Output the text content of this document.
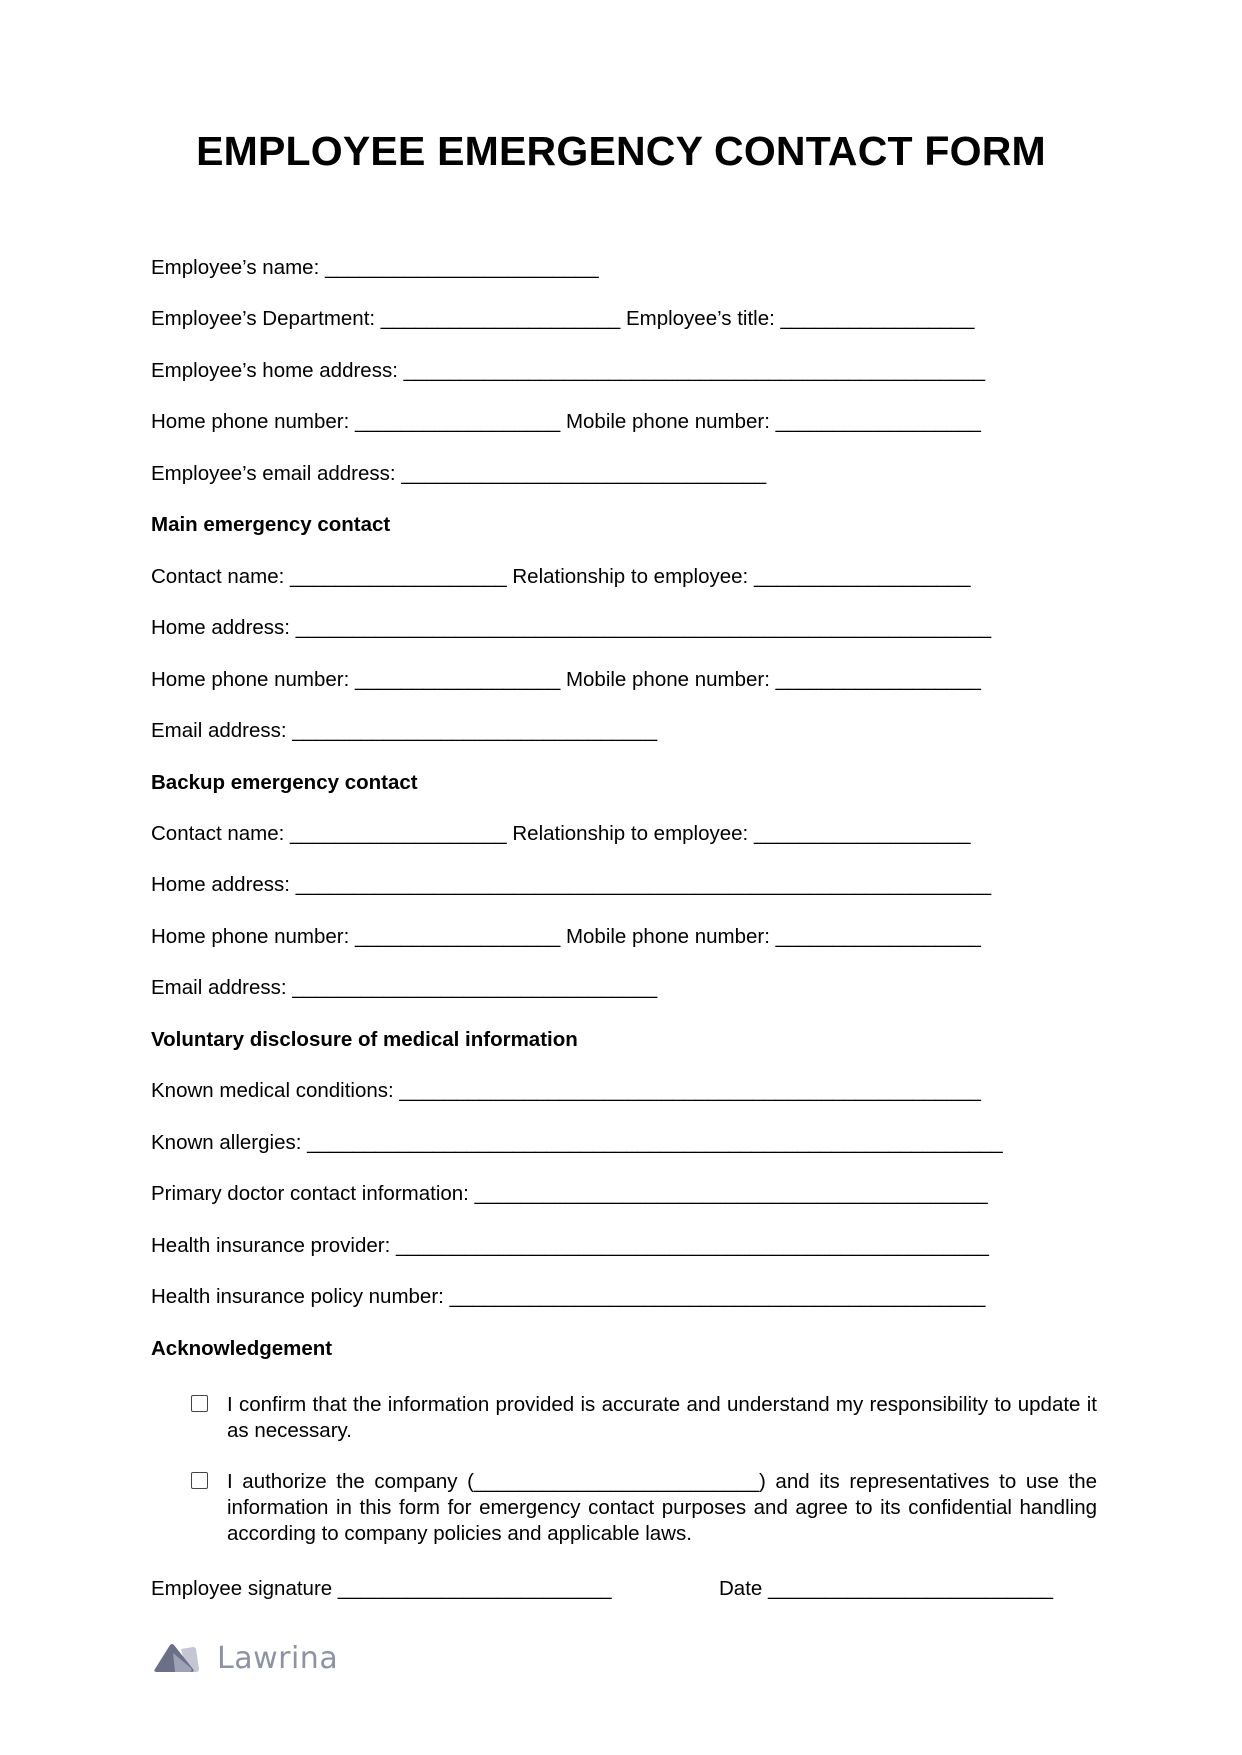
EMPLOYEE EMERGENCY CONTACT FORM
Employee’s name: ________________________
Employee’s Department: _____________________ Employee’s title: _________________
Employee’s home address: ___________________________________________________
Home phone number: __________________ Mobile phone number: __________________
Employee’s email address: ________________________________
Main emergency contact
Contact name: ___________________ Relationship to employee: ___________________
Home address: _____________________________________________________________
Home phone number: __________________ Mobile phone number: __________________
Email address: ________________________________
Backup emergency contact
Contact name: ___________________ Relationship to employee: ___________________
Home address: _____________________________________________________________
Home phone number: __________________ Mobile phone number: __________________
Email address: ________________________________
Voluntary disclosure of medical information
Known medical conditions: ___________________________________________________
Known allergies: _____________________________________________________________
Primary doctor contact information: _____________________________________________
Health insurance provider: ____________________________________________________
Health insurance policy number: _______________________________________________
Acknowledgement
I confirm that the information provided is accurate and understand my responsibility to update it as necessary.
I authorize the company (_________________________) and its representatives to use the information in this form for emergency contact purposes and agree to its confidential handling according to company policies and applicable laws.
Employee signature ________________________	Date _________________________
Lawrina
